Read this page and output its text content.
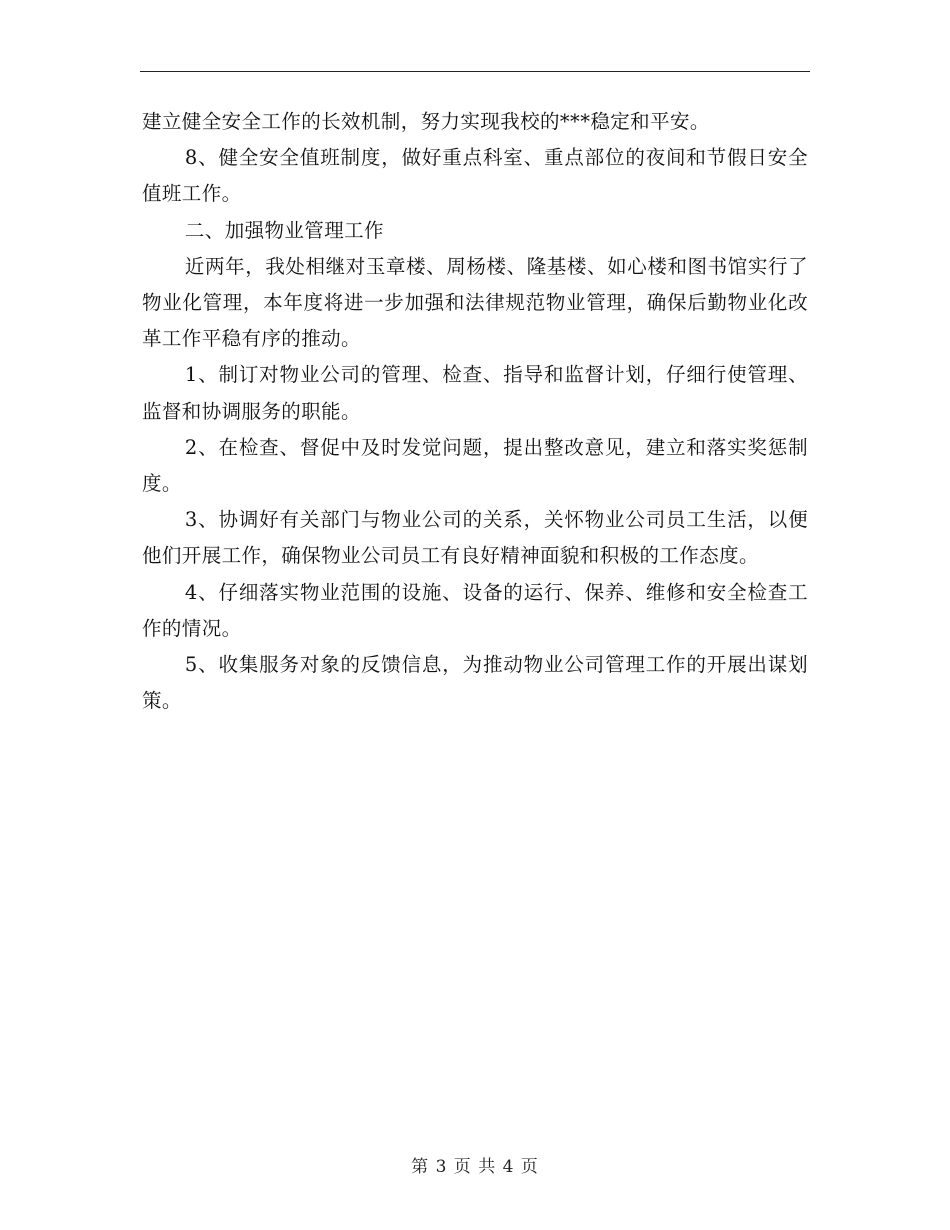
建立健全安全工作的长效机制，努力实现我校的***稳定和平安。

8、健全安全值班制度，做好重点科室、重点部位的夜间和节假日安全值班工作。

二、加强物业管理工作

近两年，我处相继对玉章楼、周杨楼、隆基楼、如心楼和图书馆实行了物业化管理，本年度将进一步加强和法律规范物业管理，确保后勤物业化改革工作平稳有序的推动。

1、制订对物业公司的管理、检查、指导和监督计划，仔细行使管理、监督和协调服务的职能。

2、在检查、督促中及时发觉问题，提出整改意见，建立和落实奖惩制度。

3、协调好有关部门与物业公司的关系，关怀物业公司员工生活，以便他们开展工作，确保物业公司员工有良好精神面貌和积极的工作态度。

4、仔细落实物业范围的设施、设备的运行、保养、维修和安全检查工作的情况。

5、收集服务对象的反馈信息，为推动物业公司管理工作的开展出谋划策。

第 3 页 共 4 页
